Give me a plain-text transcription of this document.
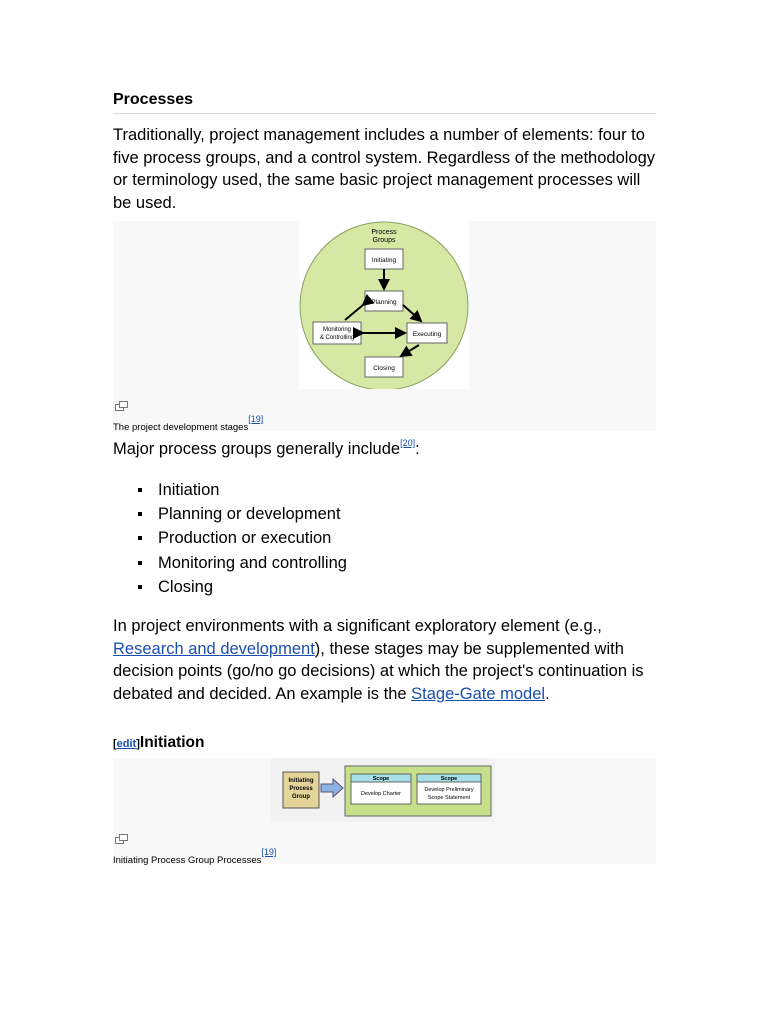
Processes
Traditionally, project management includes a number of elements: four to five process groups, and a control system. Regardless of the methodology or terminology used, the same basic project management processes will be used.
Process
Groups
Initiating
Planning
Monitoring
& Controlling	Executing
Closing
The project development stages[19]
Major process groups generally include[20]:
Initiation
Planning or development
Production or execution
Monitoring and controlling
Closing
In project environments with a significant exploratory element (e.g., Research and development), these stages may be supplemented with decision points (go/no go decisions) at which the project's continuation is debated and decided. An example is the Stage-Gate model.
[edit]Initiation
Initiating
Process
Group
Scope
Develop Charter
Scope
Develop Preliminary
Scope Statement
Initiating Process Group Processes[19]
